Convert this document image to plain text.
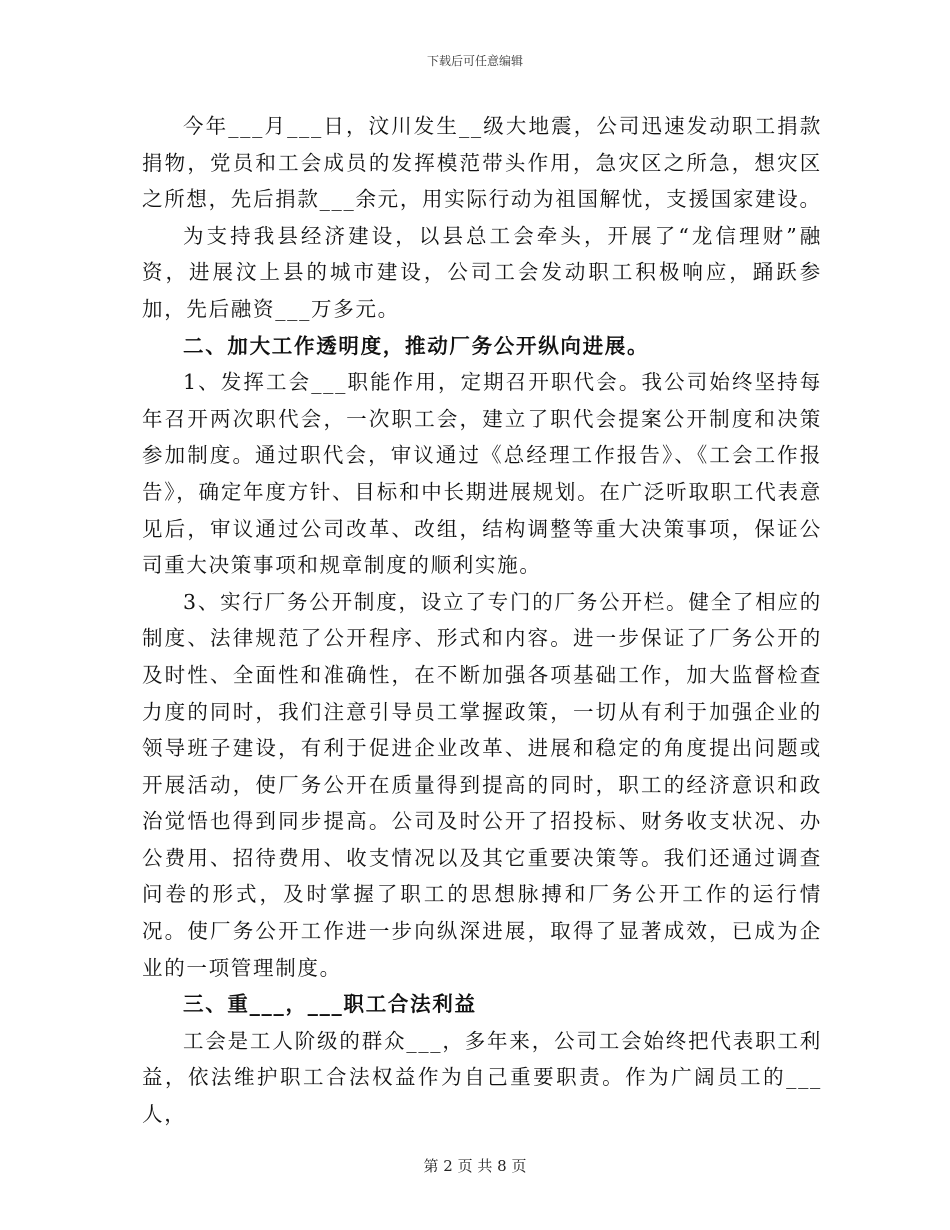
下载后可任意编辑

今年___月___日，汶川发生__级大地震，公司迅速发动职工捐款捐物，党员和工会成员的发挥模范带头作用，急灾区之所急，想灾区之所想，先后捐款___余元，用实际行动为祖国解忧，支援国家建设。

为支持我县经济建设，以县总工会牵头，开展了“龙信理财”融资，进展汶上县的城市建设，公司工会发动职工积极响应，踊跃参加，先后融资___万多元。

二、加大工作透明度，推动厂务公开纵向进展。

1、发挥工会___职能作用，定期召开职代会。我公司始终坚持每年召开两次职代会，一次职工会，建立了职代会提案公开制度和决策参加制度。通过职代会，审议通过《总经理工作报告》、《工会工作报告》，确定年度方针、目标和中长期进展规划。在广泛听取职工代表意见后，审议通过公司改革、改组，结构调整等重大决策事项，保证公司重大决策事项和规章制度的顺利实施。

3、实行厂务公开制度，设立了专门的厂务公开栏。健全了相应的制度、法律规范了公开程序、形式和内容。进一步保证了厂务公开的及时性、全面性和准确性，在不断加强各项基础工作，加大监督检查力度的同时，我们注意引导员工掌握政策，一切从有利于加强企业的领导班子建设，有利于促进企业改革、进展和稳定的角度提出问题或开展活动，使厂务公开在质量得到提高的同时，职工的经济意识和政治觉悟也得到同步提高。公司及时公开了招投标、财务收支状况、办公费用、招待费用、收支情况以及其它重要决策等。我们还通过调查问卷的形式，及时掌握了职工的思想脉搏和厂务公开工作的运行情况。使厂务公开工作进一步向纵深进展，取得了显著成效，已成为企业的一项管理制度。

三、重___，___职工合法利益

工会是工人阶级的群众___，多年来，公司工会始终把代表职工利益，依法维护职工合法权益作为自己重要职责。作为广阔员工的___人，

第 2 页 共 8 页
